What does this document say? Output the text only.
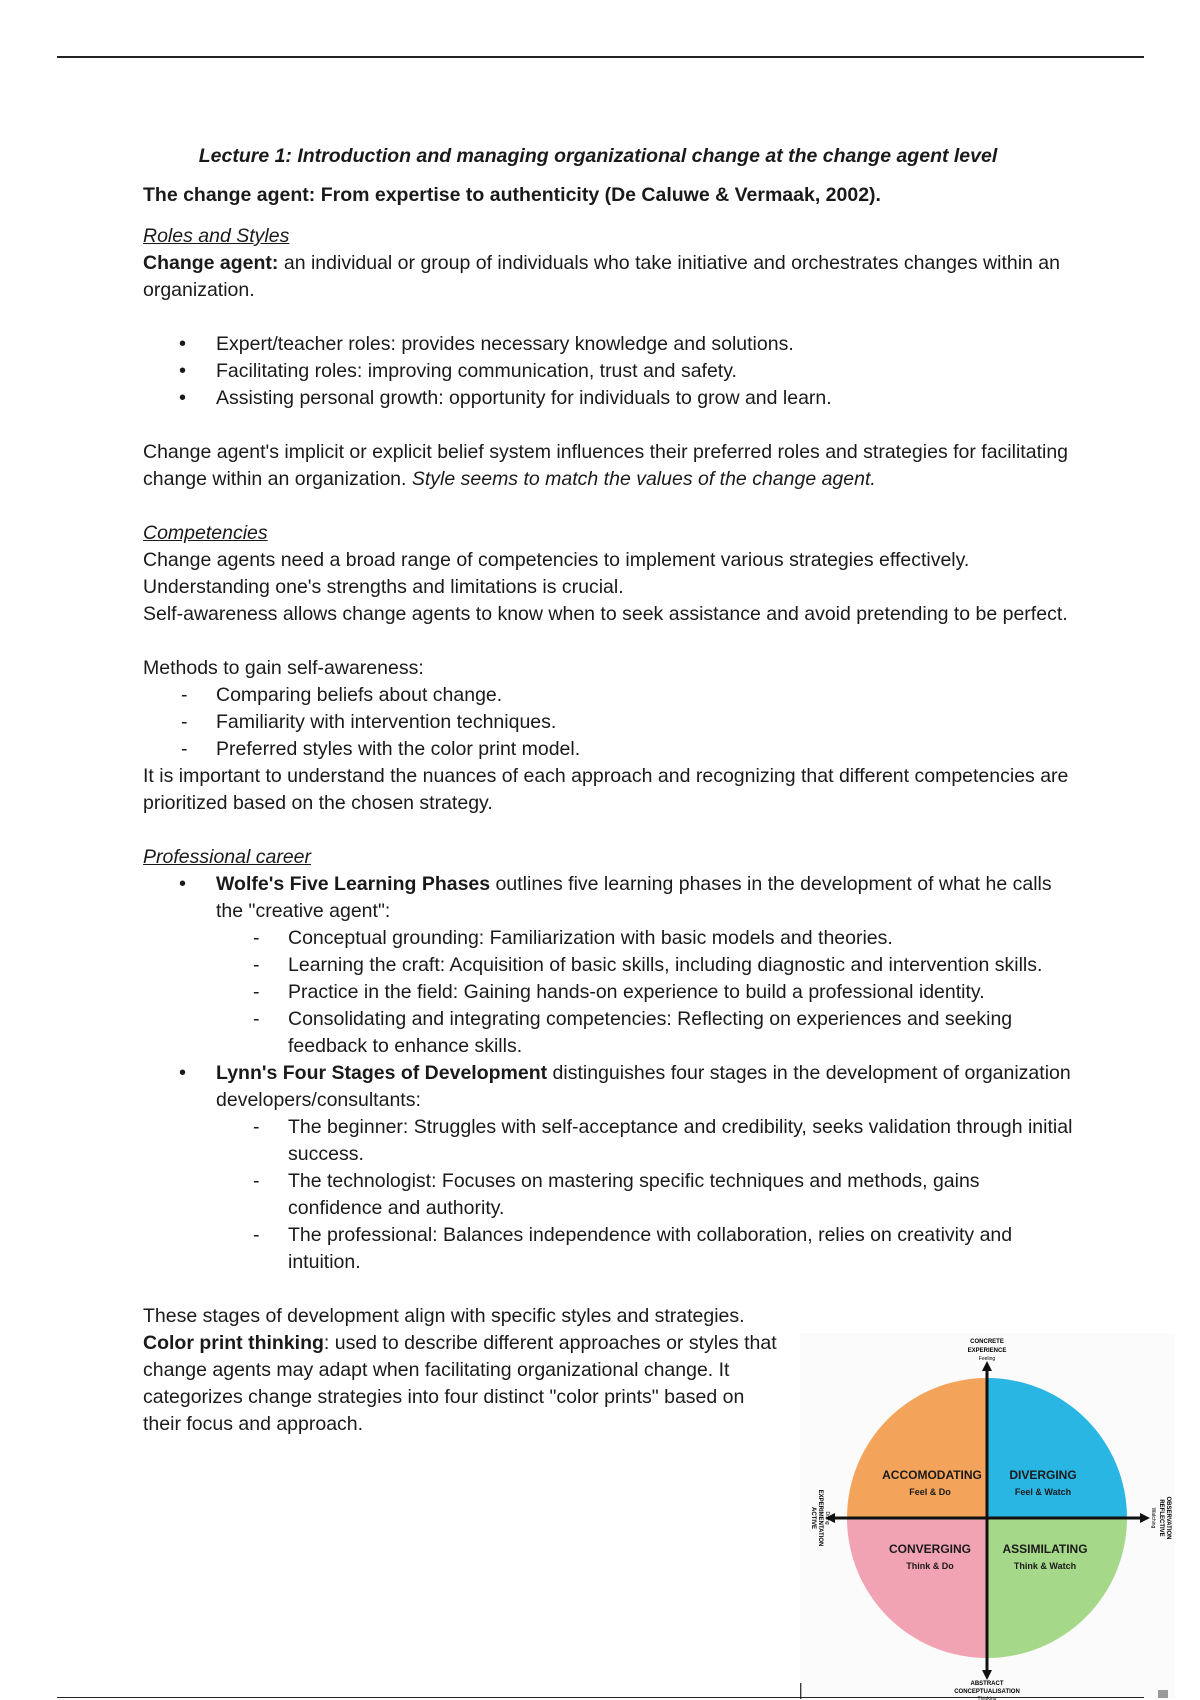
Lecture 1: Introduction and managing organizational change at the change agent level

The change agent: From expertise to authenticity (De Caluwe & Vermaak, 2002).

Roles and Styles

Change agent: an individual or group of individuals who take initiative and orchestrates changes within an organization.

• Expert/teacher roles: provides necessary knowledge and solutions.
• Facilitating roles: improving communication, trust and safety.
• Assisting personal growth: opportunity for individuals to grow and learn.

Change agent's implicit or explicit belief system influences their preferred roles and strategies for facilitating change within an organization. Style seems to match the values of the change agent.

Competencies

Change agents need a broad range of competencies to implement various strategies effectively.

Understanding one's strengths and limitations is crucial.

Self-awareness allows change agents to know when to seek assistance and avoid pretending to be perfect.

Methods to gain self-awareness:

- Comparing beliefs about change.
- Familiarity with intervention techniques.
- Preferred styles with the color print model.

It is important to understand the nuances of each approach and recognizing that different competencies are prioritized based on the chosen strategy.

Professional career

• Wolfe's Five Learning Phases outlines five learning phases in the development of what he calls the "creative agent":
- Conceptual grounding: Familiarization with basic models and theories.
- Learning the craft: Acquisition of basic skills, including diagnostic and intervention skills.
- Practice in the field: Gaining hands-on experience to build a professional identity.
- Consolidating and integrating competencies: Reflecting on experiences and seeking feedback to enhance skills.
• Lynn's Four Stages of Development distinguishes four stages in the development of organization developers/consultants:
- The beginner: Struggles with self-acceptance and credibility, seeks validation through initial success.
- The technologist: Focuses on mastering specific techniques and methods, gains confidence and authority.
- The professional: Balances independence with collaboration, relies on creativity and intuition.

These stages of development align with specific styles and strategies.

Color print thinking: used to describe different approaches or styles that change agents may adapt when facilitating organizational change. It categorizes change strategies into four distinct "color prints" based on their focus and approach.

CONCRETE
EXPERIENCE
Feeling
ABSTRACT
CONCEPTUALISATION
Thinking
ACTIVE EXPERIMENTATION Doing	REFLECTIVE OBSERVATION
Watching
ACCOMODATING
Feel & Do
DIVERGING
Feel & Watch
CONVERGING
Think & Do
ASSIMILATING
Think & Watch
|
